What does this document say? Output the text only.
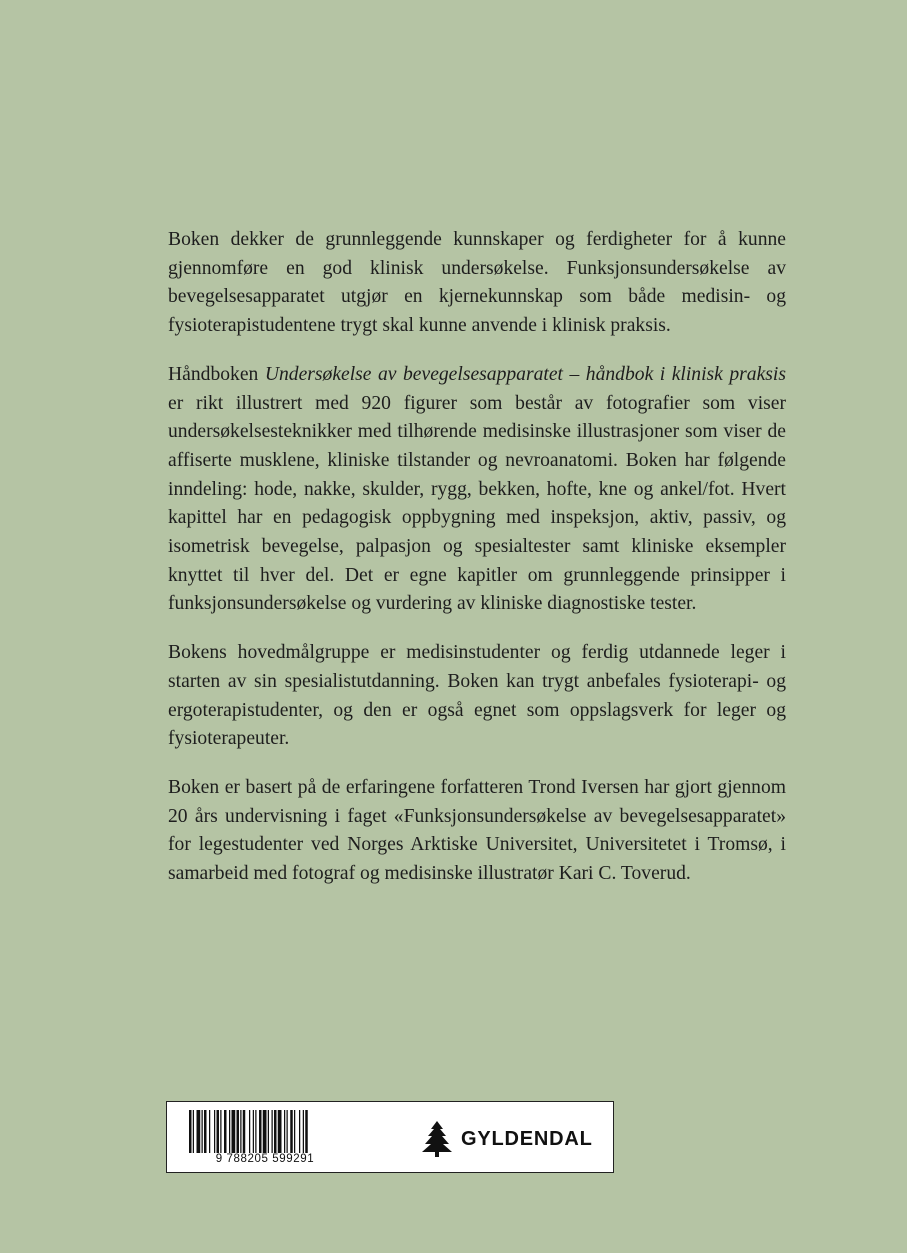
Boken dekker de grunnleggende kunnskaper og ferdigheter for å kunne gjennomføre en god klinisk undersøkelse. Funksjonsundersøkelse av bevegelsesapparatet utgjør en kjernekunnskap som både medisin- og fysioterapistudentene trygt skal kunne anvende i klinisk praksis.

Håndboken Undersøkelse av bevegelsesapparatet – håndbok i klinisk praksis er rikt illustrert med 920 figurer som består av fotografier som viser undersøkelsesteknikker med tilhørende medisinske illustrasjoner som viser de affiserte musklene, kliniske tilstander og nevroanatomi. Boken har følgende inndeling: hode, nakke, skulder, rygg, bekken, hofte, kne og ankel/fot. Hvert kapittel har en pedagogisk oppbygning med inspeksjon, aktiv, passiv, og isometrisk bevegelse, palpasjon og spesialtester samt kliniske eksempler knyttet til hver del. Det er egne kapitler om grunnleggende prinsipper i funksjonsundersøkelse og vurdering av kliniske diagnostiske tester.

Bokens hovedmålgruppe er medisinstudenter og ferdig utdannede leger i starten av sin spesialistutdanning. Boken kan trygt anbefales fysioterapi- og ergoterapistudenter, og den er også egnet som oppslagsverk for leger og fysioterapeuter.

Boken er basert på de erfaringene forfatteren Trond Iversen har gjort gjennom 20 års undervisning i faget «Funksjonsundersøkelse av bevegelsesapparatet» for legestudenter ved Norges Arktiske Universitet, Universitetet i Tromsø, i samarbeid med fotograf og medisinske illustratør Kari C. Toverud.

9 788205 599291
GYLDENDAL
